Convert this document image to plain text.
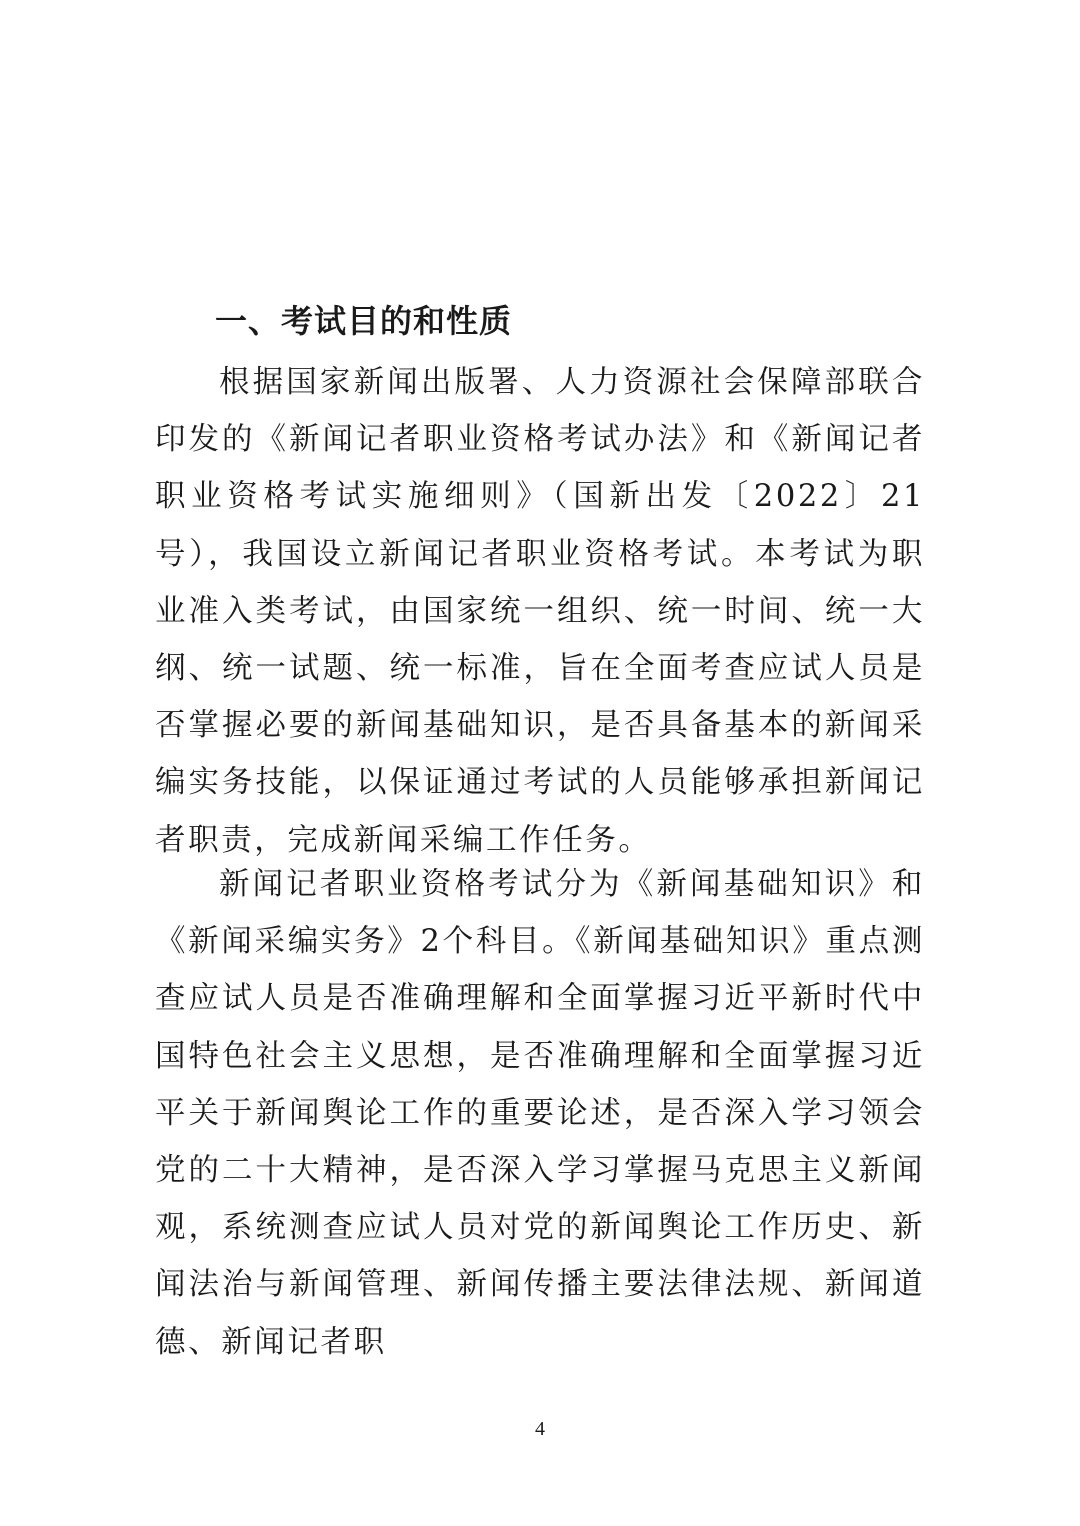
一、考试目的和性质

根据国家新闻出版署、人力资源社会保障部联合印发的《新闻记者职业资格考试办法》和《新闻记者职业资格考试实施细则》（国新出发〔2022〕21号），我国设立新闻记者职业资格考试。本考试为职业准入类考试，由国家统一组织、统一时间、统一大纲、统一试题、统一标准，旨在全面考查应试人员是否掌握必要的新闻基础知识，是否具备基本的新闻采编实务技能，以保证通过考试的人员能够承担新闻记者职责，完成新闻采编工作任务。

新闻记者职业资格考试分为《新闻基础知识》和《新闻采编实务》2个科目。《新闻基础知识》重点测查应试人员是否准确理解和全面掌握习近平新时代中国特色社会主义思想，是否准确理解和全面掌握习近平关于新闻舆论工作的重要论述，是否深入学习领会党的二十大精神，是否深入学习掌握马克思主义新闻观，系统测查应试人员对党的新闻舆论工作历史、新闻法治与新闻管理、新闻传播主要法律法规、新闻道德、新闻记者职

4
